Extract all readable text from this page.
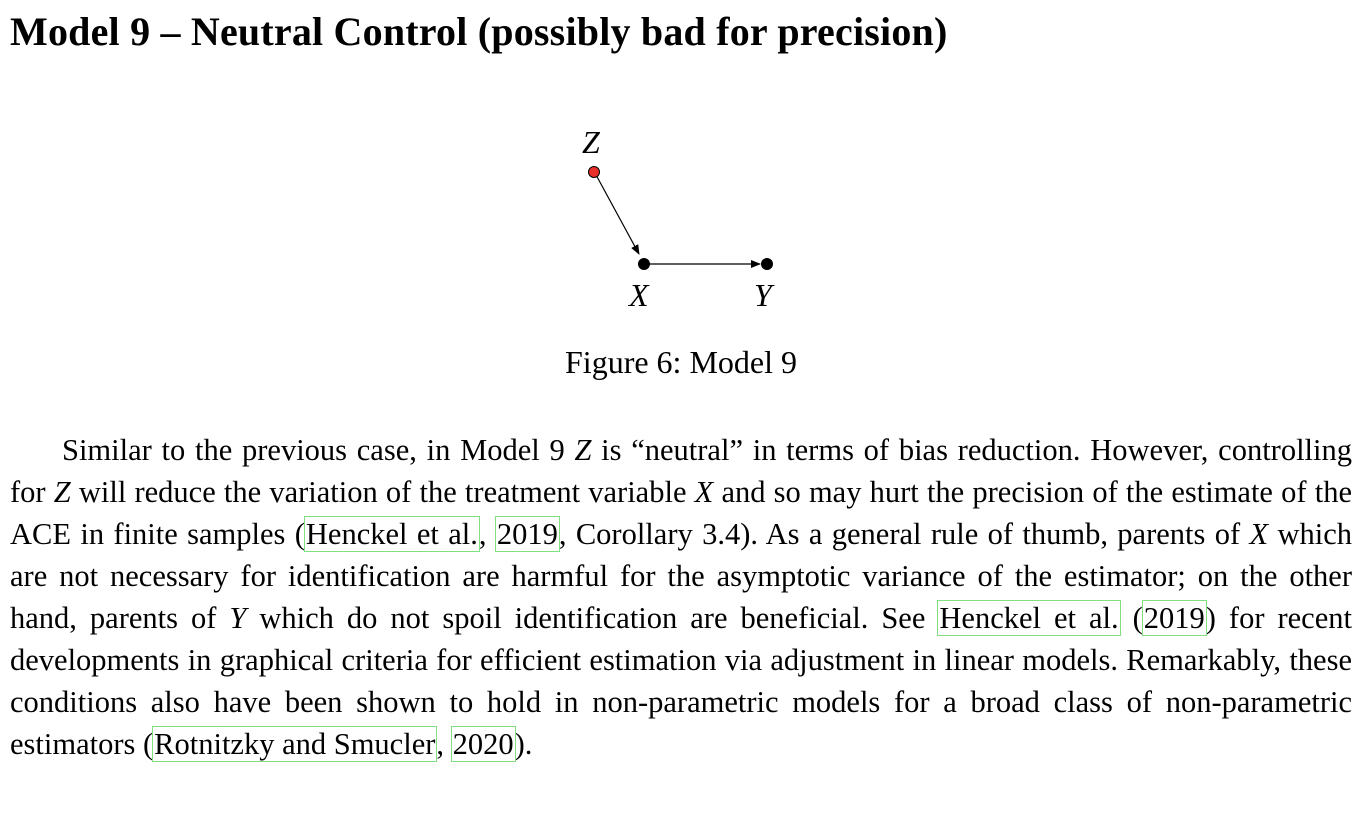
Model 9 – Neutral Control (possibly bad for precision)
Z
X	Y
Figure 6: Model 9

Similar to the previous case, in Model 9 Z is “neutral” in terms of bias reduction. However, controlling for Z will reduce the variation of the treatment variable X and so may hurt the precision of the estimate of the ACE in finite samples (Henckel et al., 2019, Corollary 3.4). As a general rule of thumb, parents of X which are not necessary for identification are harmful for the asymptotic variance of the estimator; on the other hand, parents of Y which do not spoil identification are beneficial. See Henckel et al. (2019) for recent developments in graphical criteria for efficient estimation via adjustment in linear models. Remarkably, these conditions also have been shown to hold in non-parametric models for a broad class of non-parametric estimators (Rotnitzky and Smucler, 2020).
